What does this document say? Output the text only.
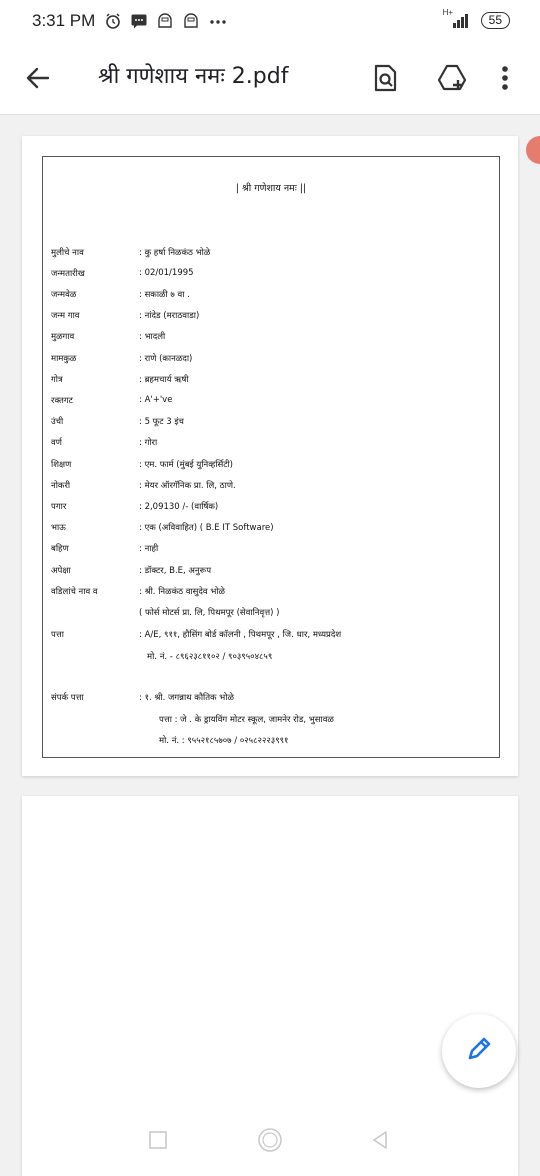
3:31 PM	H+	55
श्री गणेशाय नमः 2.pdf
| श्री गणेशाय नमः ||
मुलीचे नाव	: कु हर्षा निळकंठ भोळे
जन्मतारीख	: 02/01/1995
जन्मवेळ	: सकाळी ७ वा .
जन्म गाव	: नांदेड (मराठवाडा)
मुळगाव	: भादली
मामकुळ	: राणे (कानळदा)
गोत्र	: ब्रहमचार्य ऋषी
रक्तगट	: A'+'ve
उंची	: 5 फूट 3 इंच
वर्ण	: गोरा
शिक्षण	: एम. फार्म (मुंबई युनिव्हर्सिटी)
नोकरी	: मेयर ऑरगॅनिक प्रा. लि, ठाणे.
पगार	: 2,09130 /- (वार्षिक)
भाऊ	: एक (अविवाहित) ( B.E IT Software)
बहिण	: नाही
अपेक्षा	: डॉक्टर, B.E, अनुरूप
वडिलांचे नाव व	: श्री. निळकंठ वासुदेव भोळे
( फोर्स मोटर्स प्रा. लि, पिथमपूर (सेवानिवृत्त) )
पत्ता	: A/E, ९११, हौसिंग बोर्ड कॉलनी , पिथमपूर , जि. धार, मध्यप्रदेश
मो. नं. - ८९६२३८११०२ / ९०३९५०४८५९
संपर्क पत्ता	: १. श्री. जगन्नाथ कौतिक भोळे
पत्ता : जे . के ड्रायविंग मोटर स्कूल, जामनेर रोड, भुसावळ
मो. नं. : ९५५२१८५७०७ / ०२५८२२२३९९१
